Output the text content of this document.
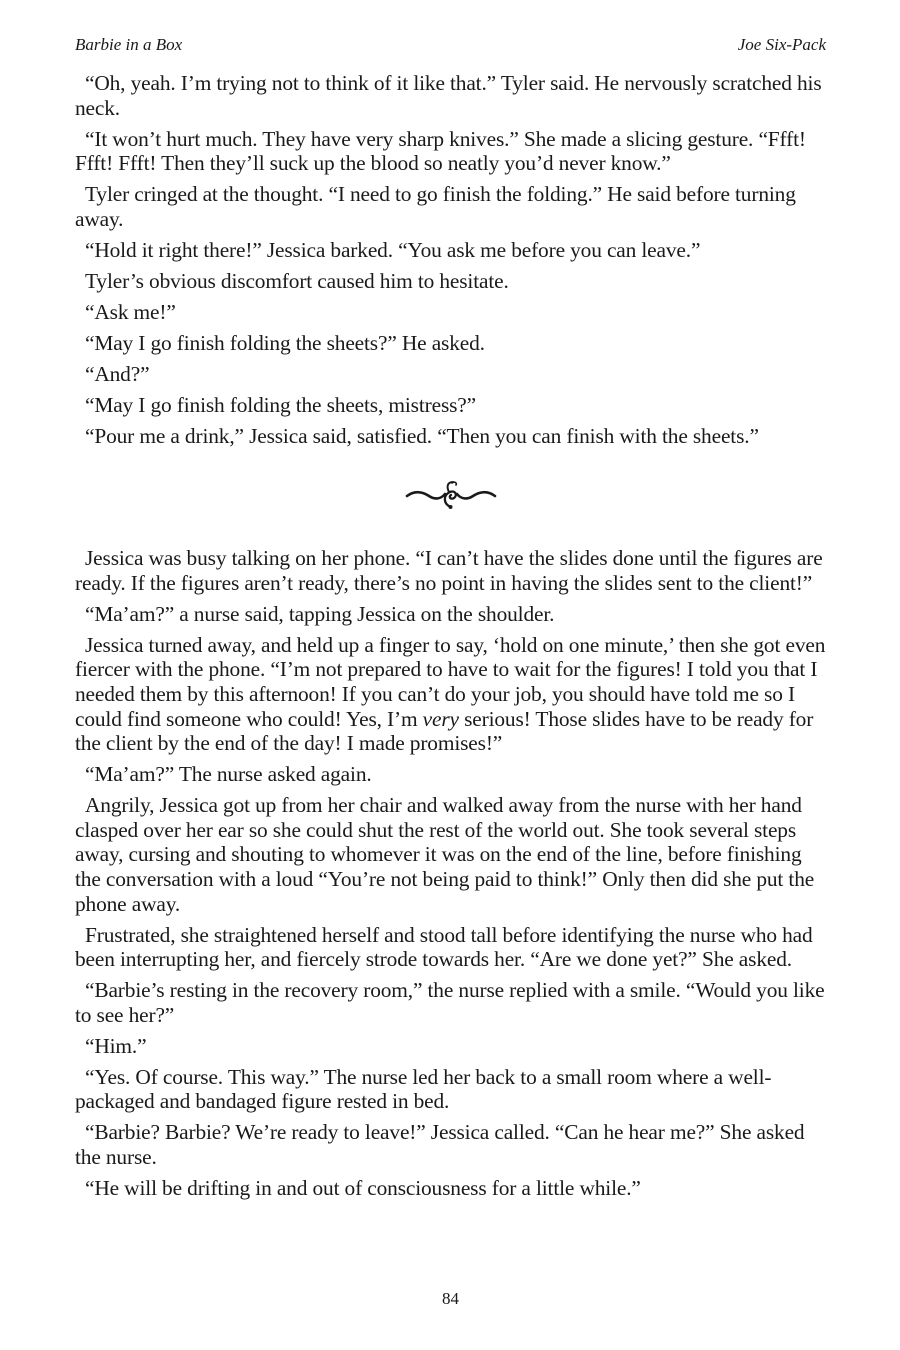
Barbie in a Box	Joe Six-Pack

“Oh, yeah. I’m trying not to think of it like that.” Tyler said. He nervously scratched his neck.

“It won’t hurt much. They have very sharp knives.” She made a slicing gesture. “Ffft! Ffft! Ffft! Then they’ll suck up the blood so neatly you’d never know.”

Tyler cringed at the thought. “I need to go finish the folding.” He said before turning away.

“Hold it right there!” Jessica barked. “You ask me before you can leave.”

Tyler’s obvious discomfort caused him to hesitate.

“Ask me!”

“May I go finish folding the sheets?” He asked.

“And?”

“May I go finish folding the sheets, mistress?”

“Pour me a drink,” Jessica said, satisfied. “Then you can finish with the sheets.”

Jessica was busy talking on her phone. “I can’t have the slides done until the figures are ready. If the figures aren’t ready, there’s no point in having the slides sent to the client!”

“Ma’am?” a nurse said, tapping Jessica on the shoulder.

Jessica turned away, and held up a finger to say, ‘hold on one minute,’ then she got even fiercer with the phone. “I’m not prepared to have to wait for the figures! I told you that I needed them by this afternoon! If you can’t do your job, you should have told me so I could find someone who could! Yes, I’m very serious! Those slides have to be ready for the client by the end of the day! I made promises!”

“Ma’am?” The nurse asked again.

Angrily, Jessica got up from her chair and walked away from the nurse with her hand clasped over her ear so she could shut the rest of the world out. She took several steps away, cursing and shouting to whomever it was on the end of the line, before finishing the conversation with a loud “You’re not being paid to think!” Only then did she put the phone away.

Frustrated, she straightened herself and stood tall before identifying the nurse who had been interrupting her, and fiercely strode towards her. “Are we done yet?” She asked.

“Barbie’s resting in the recovery room,” the nurse replied with a smile. “Would you like to see her?”

“Him.”

“Yes. Of course. This way.” The nurse led her back to a small room where a well-packaged and bandaged figure rested in bed.

“Barbie? Barbie? We’re ready to leave!” Jessica called. “Can he hear me?” She asked the nurse.

“He will be drifting in and out of consciousness for a little while.”

84
